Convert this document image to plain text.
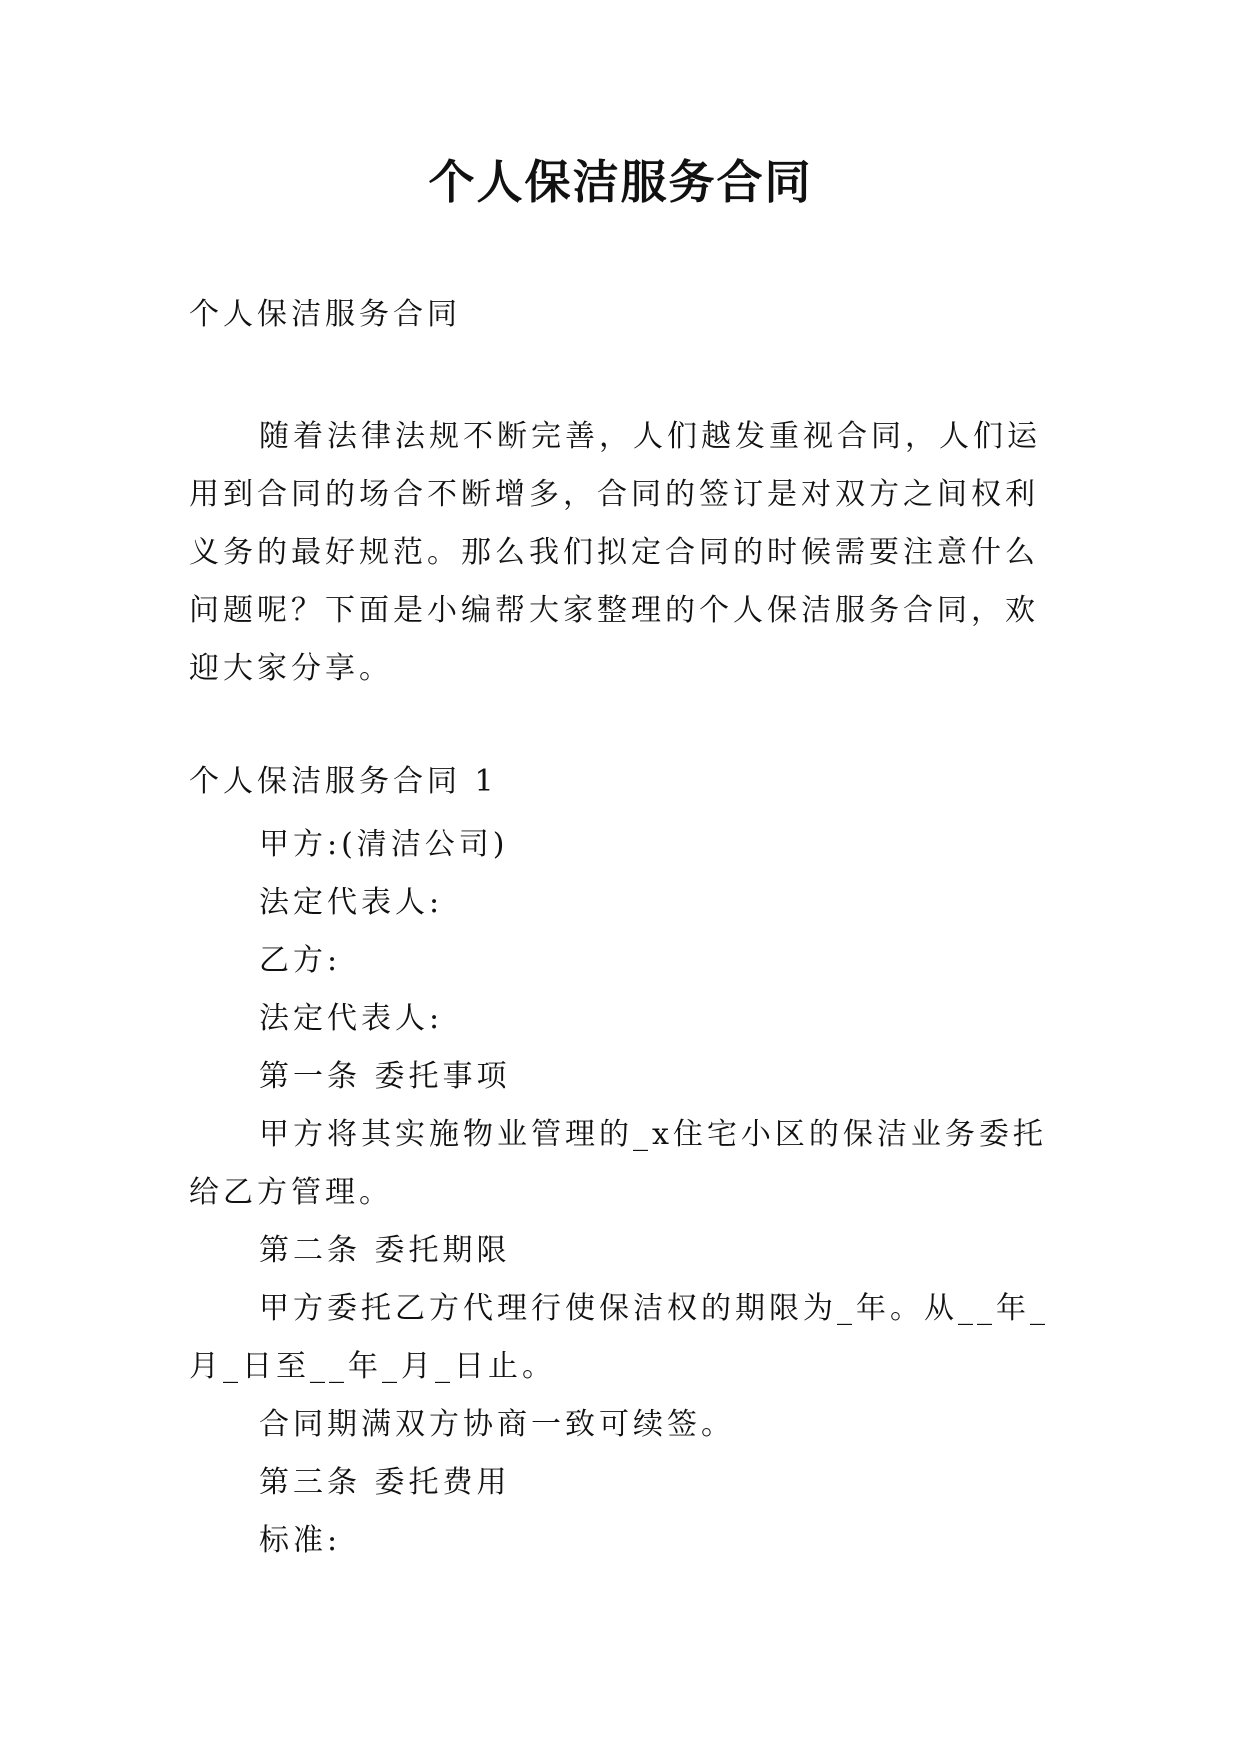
个人保洁服务合同

个人保洁服务合同

随着法律法规不断完善，人们越发重视合同，人们运用到合同的场合不断增多，合同的签订是对双方之间权利义务的最好规范。那么我们拟定合同的时候需要注意什么问题呢？下面是小编帮大家整理的个人保洁服务合同，欢迎大家分享。

个人保洁服务合同 1

甲方:(清洁公司)
法定代表人:
乙方:
法定代表人:
第一条 委托事项
甲方将其实施物业管理的_x住宅小区的保洁业务委托给乙方管理。
第二条 委托期限
甲方委托乙方代理行使保洁权的期限为_年。从__年_月_日至__年_月_日止。
合同期满双方协商一致可续签。
第三条 委托费用
标准:
